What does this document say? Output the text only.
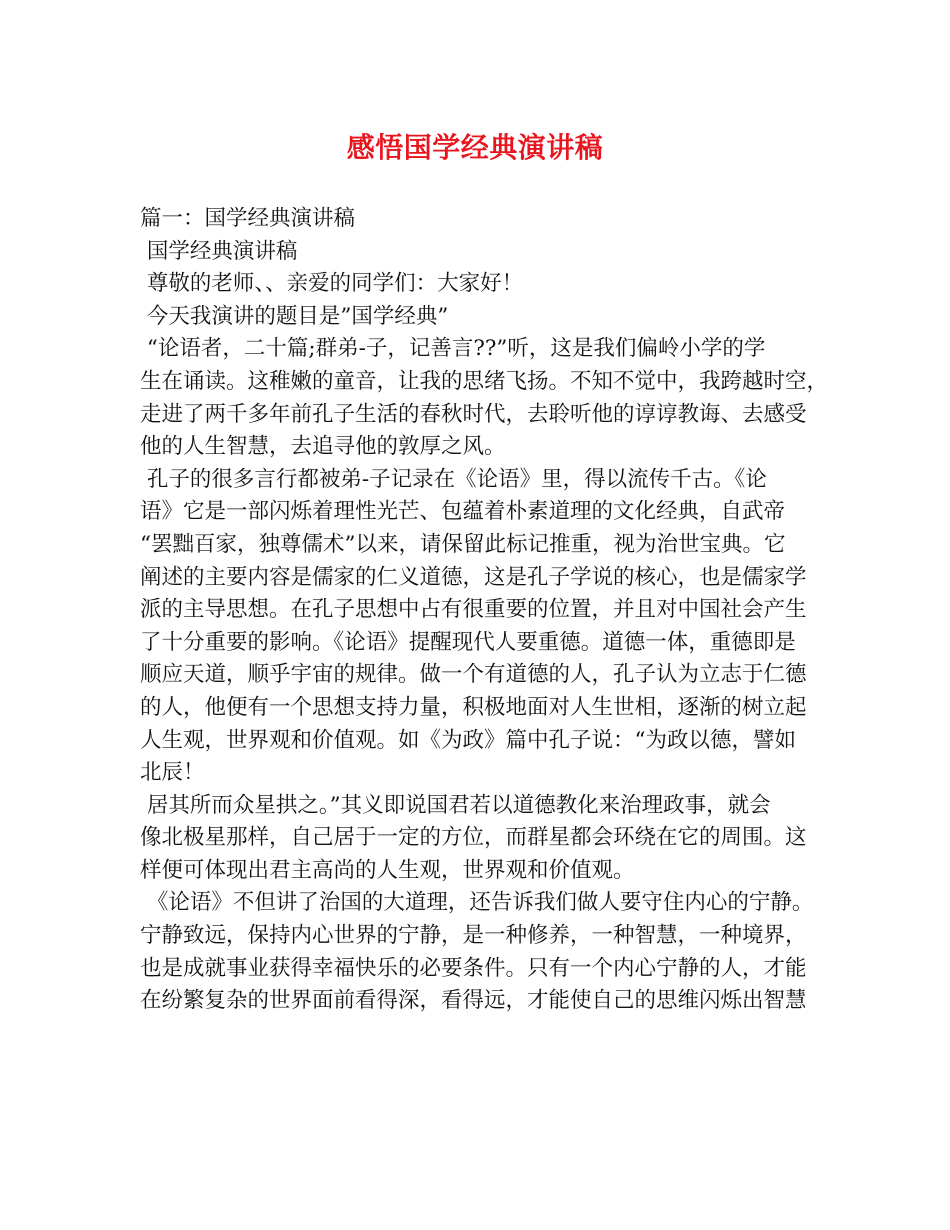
感悟国学经典演讲稿
篇一：国学经典演讲稿
国学经典演讲稿
尊敬的老师、、亲爱的同学们：大家好！
今天我演讲的题目是”国学经典”
“论语者，二十篇;群弟-子，记善言??”听，这是我们偏岭小学的学
生在诵读。这稚嫩的童音，让我的思绪飞扬。不知不觉中，我跨越时空，
走进了两千多年前孔子生活的春秋时代，去聆听他的谆谆教诲、去感受
他的人生智慧，去追寻他的敦厚之风。
孔子的很多言行都被弟-子记录在《论语》里，得以流传千古。《论
语》它是一部闪烁着理性光芒、包蕴着朴素道理的文化经典，自武帝
“罢黜百家，独尊儒术”以来，请保留此标记推重，视为治世宝典。它
阐述的主要内容是儒家的仁义道德，这是孔子学说的核心，也是儒家学
派的主导思想。在孔子思想中占有很重要的位置，并且对中国社会产生
了十分重要的影响。《论语》提醒现代人要重德。道德一体，重德即是
顺应天道，顺乎宇宙的规律。做一个有道德的人，孔子认为立志于仁德
的人，他便有一个思想支持力量，积极地面对人生世相，逐渐的树立起
人生观，世界观和价值观。如《为政》篇中孔子说：“为政以德，譬如
北辰！
居其所而众星拱之。”其义即说国君若以道德教化来治理政事，就会
像北极星那样，自己居于一定的方位，而群星都会环绕在它的周围。这
样便可体现出君主高尚的人生观，世界观和价值观。
《论语》不但讲了治国的大道理，还告诉我们做人要守住内心的宁静。
宁静致远，保持内心世界的宁静，是一种修养，一种智慧，一种境界，
也是成就事业获得幸福快乐的必要条件。只有一个内心宁静的人，才能
在纷繁复杂的世界面前看得深，看得远，才能使自己的思维闪烁出智慧
